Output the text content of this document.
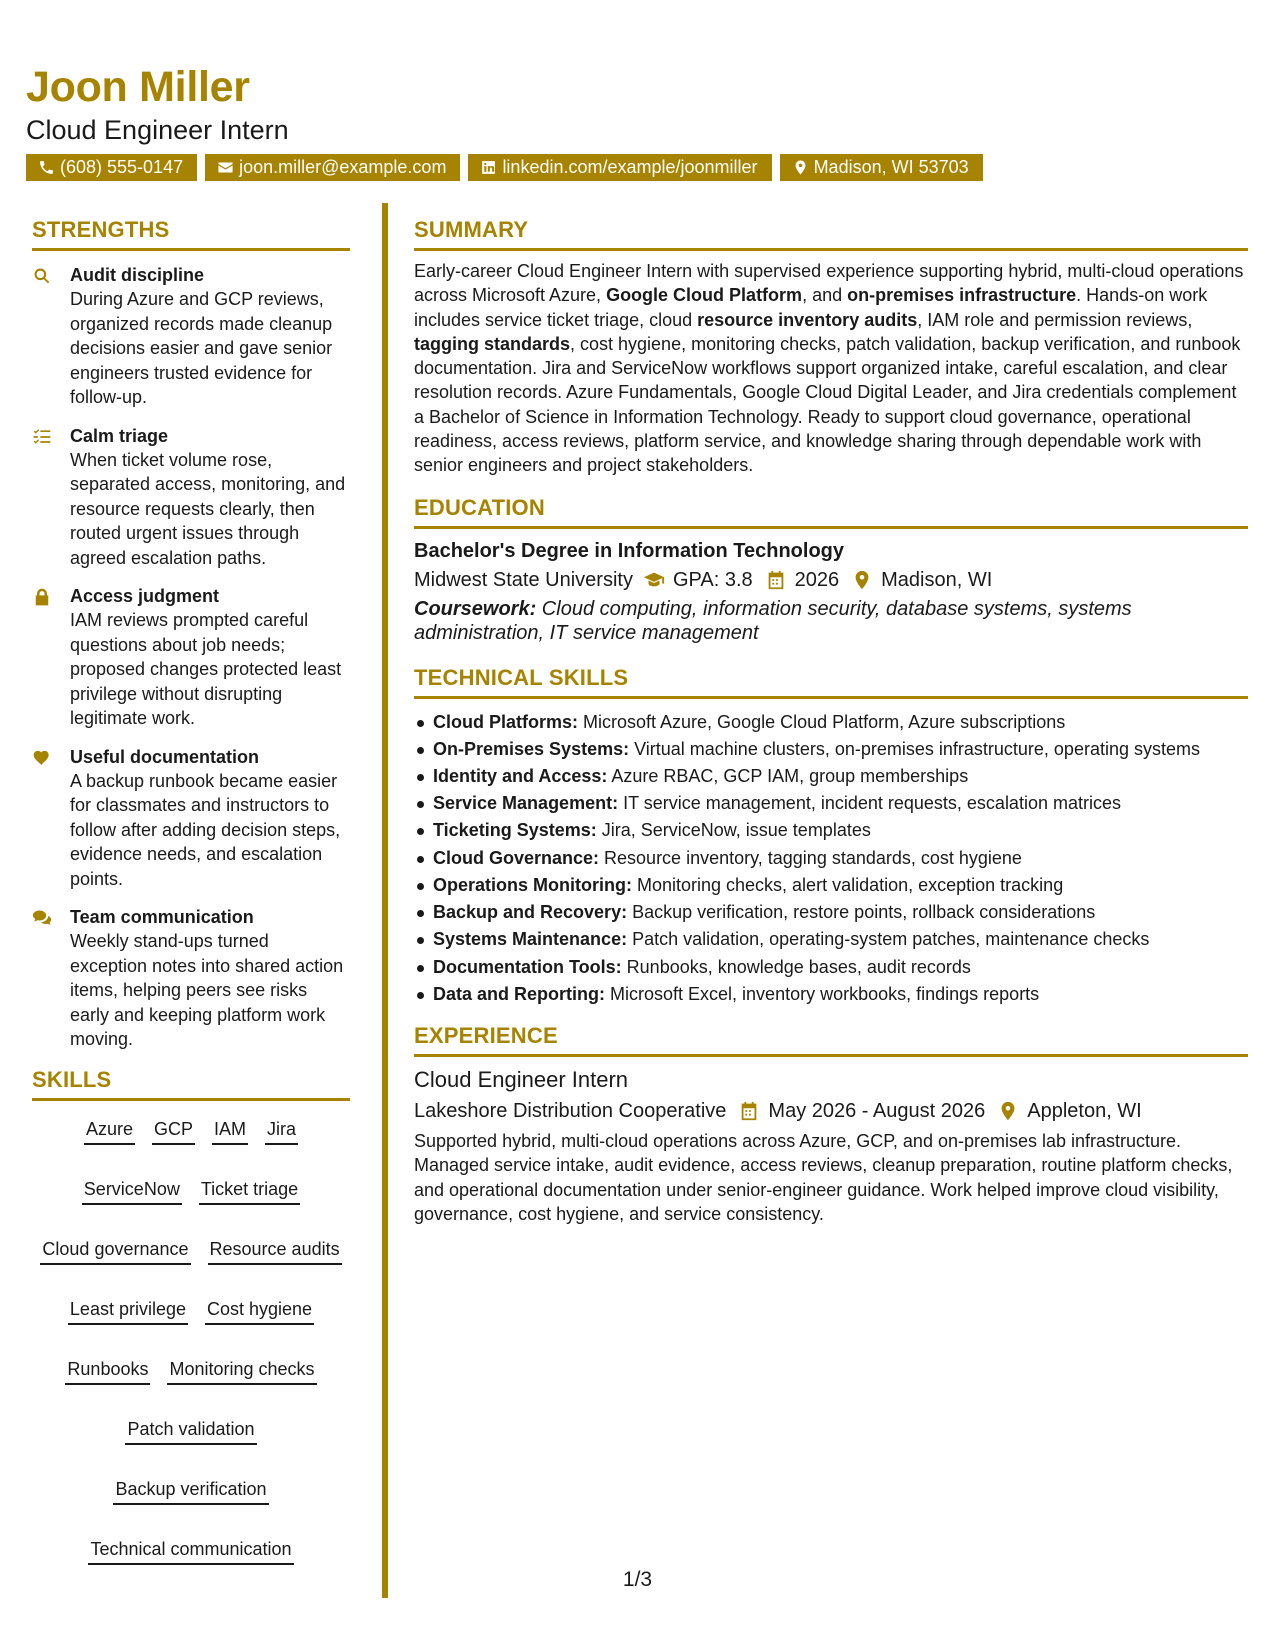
Joon Miller
Cloud Engineer Intern
(608) 555-0147	joon.miller@example.com	linkedin.com/example/joonmiller	Madison, WI 53703
STRENGTHS
Audit discipline
During Azure and GCP reviews, organized records made cleanup decisions easier and gave senior engineers trusted evidence for follow-up.
Calm triage
When ticket volume rose, separated access, monitoring, and resource requests clearly, then routed urgent issues through agreed escalation paths.
Access judgment
IAM reviews prompted careful questions about job needs; proposed changes protected least privilege without disrupting legitimate work.
Useful documentation
A backup runbook became easier for classmates and instructors to follow after adding decision steps, evidence needs, and escalation points.
Team communication
Weekly stand-ups turned exception notes into shared action items, helping peers see risks early and keeping platform work moving.
SKILLS
Azure GCP IAM Jira
ServiceNow Ticket triage
Cloud governance Resource audits
Least privilege Cost hygiene
Runbooks Monitoring checks
Patch validation
Backup verification
Technical communication
SUMMARY
Early-career Cloud Engineer Intern with supervised experience supporting hybrid, multi-cloud operations across Microsoft Azure, Google Cloud Platform, and on-premises infrastructure. Hands-on work includes service ticket triage, cloud resource inventory audits, IAM role and permission reviews, tagging standards, cost hygiene, monitoring checks, patch validation, backup verification, and runbook documentation. Jira and ServiceNow workflows support organized intake, careful escalation, and clear resolution records. Azure Fundamentals, Google Cloud Digital Leader, and Jira credentials complement a Bachelor of Science in Information Technology. Ready to support cloud governance, operational readiness, access reviews, platform service, and knowledge sharing through dependable work with senior engineers and project stakeholders.
EDUCATION
Bachelor's Degree in Information Technology
Midwest State University GPA: 3.8 2026 Madison, WI
Coursework: Cloud computing, information security, database systems, systems administration, IT service management
TECHNICAL SKILLS
Cloud Platforms: Microsoft Azure, Google Cloud Platform, Azure subscriptions
On-Premises Systems: Virtual machine clusters, on-premises infrastructure, operating systems
Identity and Access: Azure RBAC, GCP IAM, group memberships
Service Management: IT service management, incident requests, escalation matrices
Ticketing Systems: Jira, ServiceNow, issue templates
Cloud Governance: Resource inventory, tagging standards, cost hygiene
Operations Monitoring: Monitoring checks, alert validation, exception tracking
Backup and Recovery: Backup verification, restore points, rollback considerations
Systems Maintenance: Patch validation, operating-system patches, maintenance checks
Documentation Tools: Runbooks, knowledge bases, audit records
Data and Reporting: Microsoft Excel, inventory workbooks, findings reports
EXPERIENCE
Cloud Engineer Intern
Lakeshore Distribution Cooperative May 2026 - August 2026 Appleton, WI
Supported hybrid, multi-cloud operations across Azure, GCP, and on-premises lab infrastructure. Managed service intake, audit evidence, access reviews, cleanup preparation, routine platform checks, and operational documentation under senior-engineer guidance. Work helped improve cloud visibility, governance, cost hygiene, and service consistency.
1/3
